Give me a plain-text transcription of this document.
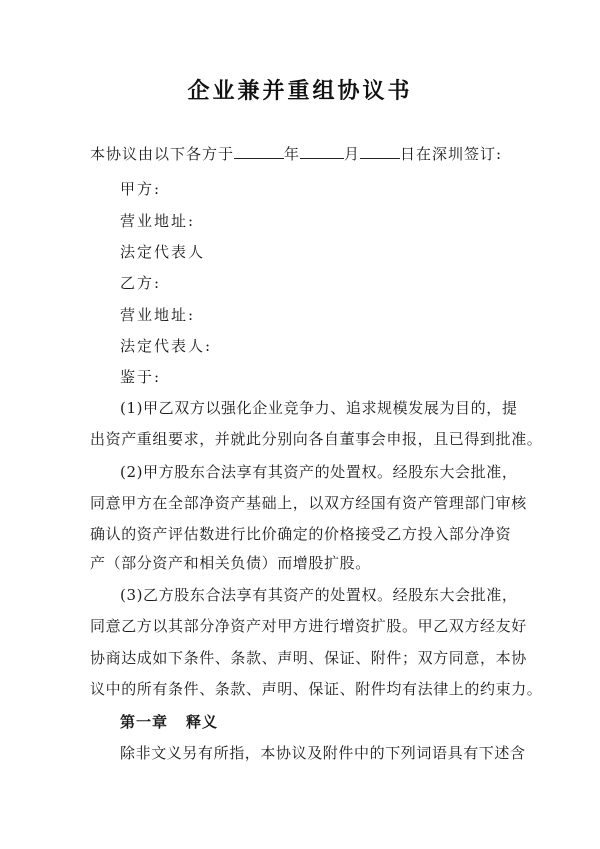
企业兼并重组协议书
本协议由以下各方于	年	月	日在深圳签订:
甲方:
营业地址:
法定代表人
乙方:
营业地址:
法定代表人:
鉴于:
(1)甲乙双方以强化企业竞争力、追求规模发展为目的，提
出资产重组要求，并就此分别向各自董事会申报，且已得到批准。
(2)甲方股东合法享有其资产的处置权。经股东大会批准，
同意甲方在全部净资产基础上，以双方经国有资产管理部门审核
确认的资产评估数进行比价确定的价格接受乙方投入部分净资
产（部分资产和相关负债）而增股扩股。
(3)乙方股东合法享有其资产的处置权。经股东大会批准，
同意乙方以其部分净资产对甲方进行增资扩股。甲乙双方经友好
协商达成如下条件、条款、声明、保证、附件；双方同意，本协
议中的所有条件、条款、声明、保证、附件均有法律上的约束力。
第一章 释义
除非文义另有所指，本协议及附件中的下列词语具有下述含
